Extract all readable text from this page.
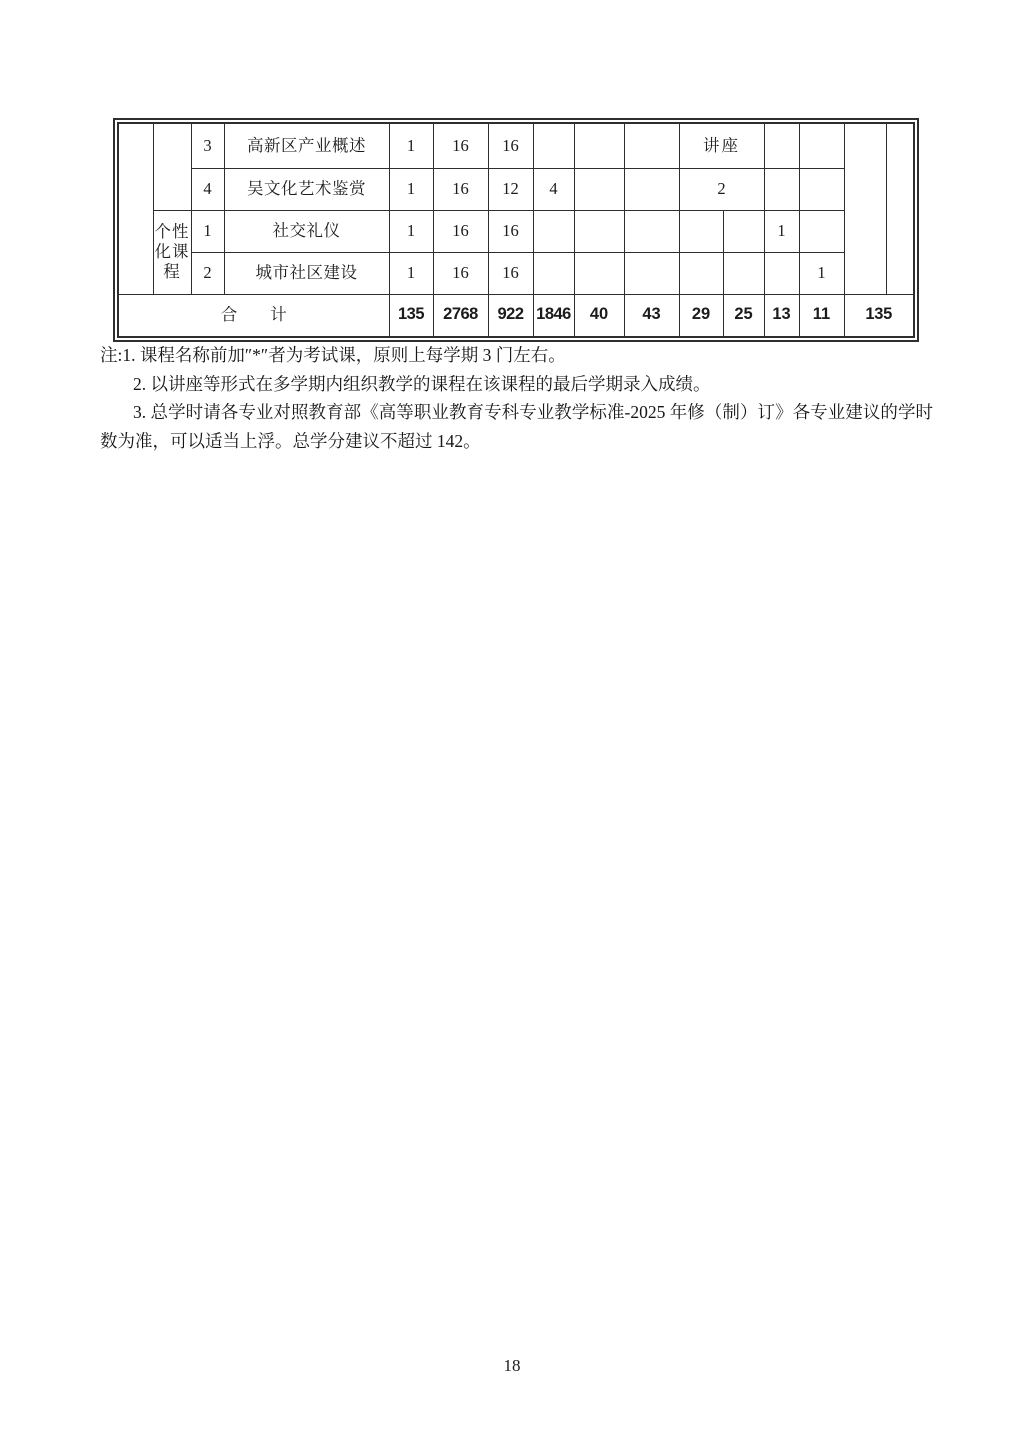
		3	高新区产业概述	1	16	16				讲座					
		4	吴文化艺术鉴赏	1	16	12	4			2					
	个性化课程	1	社交礼仪	1	16	16						1			
		2	城市社区建设	1	16	16							1		
合　　计				135	2768	922	1846	40	43	29	25	13	11	135	

注:1. 课程名称前加″*″者为考试课，原则上每学期 3 门左右。

2. 以讲座等形式在多学期内组织教学的课程在该课程的最后学期录入成绩。

3. 总学时请各专业对照教育部《高等职业教育专科专业教学标准-2025 年修（制）订》各专业建议的学时数为准，可以适当上浮。总学分建议不超过 142。

18
